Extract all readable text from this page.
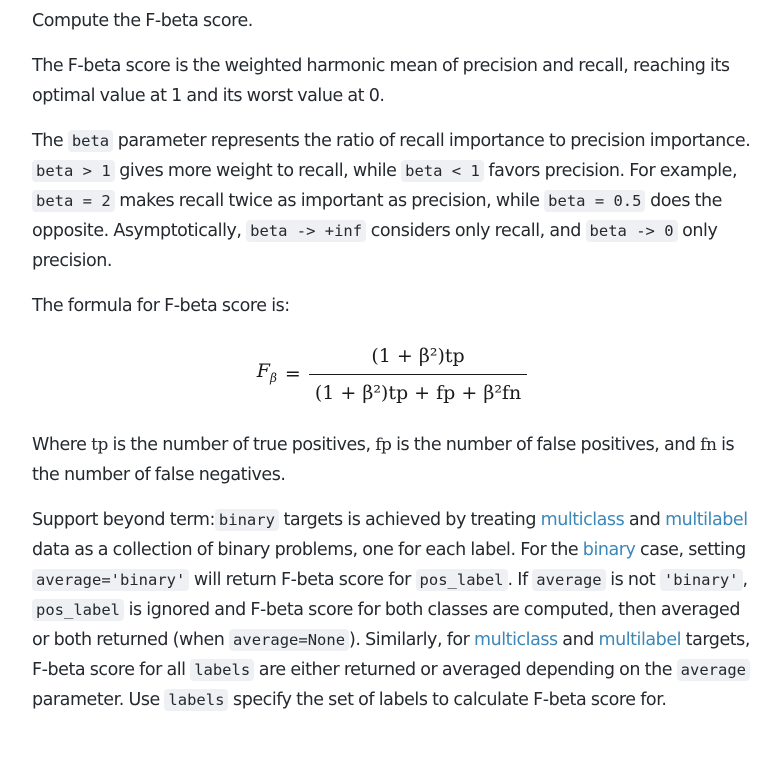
Compute the F-beta score.

The F-beta score is the weighted harmonic mean of precision and recall, reaching its optimal value at 1 and its worst value at 0.

The beta parameter represents the ratio of recall importance to precision importance. beta > 1 gives more weight to recall, while beta < 1 favors precision. For example, beta = 2 makes recall twice as important as precision, while beta = 0.5 does the opposite. Asymptotically, beta -> +inf considers only recall, and beta -> 0 only precision.

The formula for F-beta score is:

$F_\beta = \frac{\text{(1 + β²)tp}}{\text{(1 + β²)tp + fp + β²fn}}$

Where tp is the number of true positives, fp is the number of false positives, and fn is the number of false negatives.

Support beyond term: binary targets is achieved by treating multiclass and multilabel data as a collection of binary problems, one for each label. For the binary case, setting average='binary' will return F-beta score for pos_label . If average is not 'binary' , pos_label is ignored and F-beta score for both classes are computed, then averaged or both returned (when average=None ). Similarly, for multiclass and multilabel targets, F-beta score for all labels are either returned or averaged depending on the average parameter. Use labels specify the set of labels to calculate F-beta score for.
